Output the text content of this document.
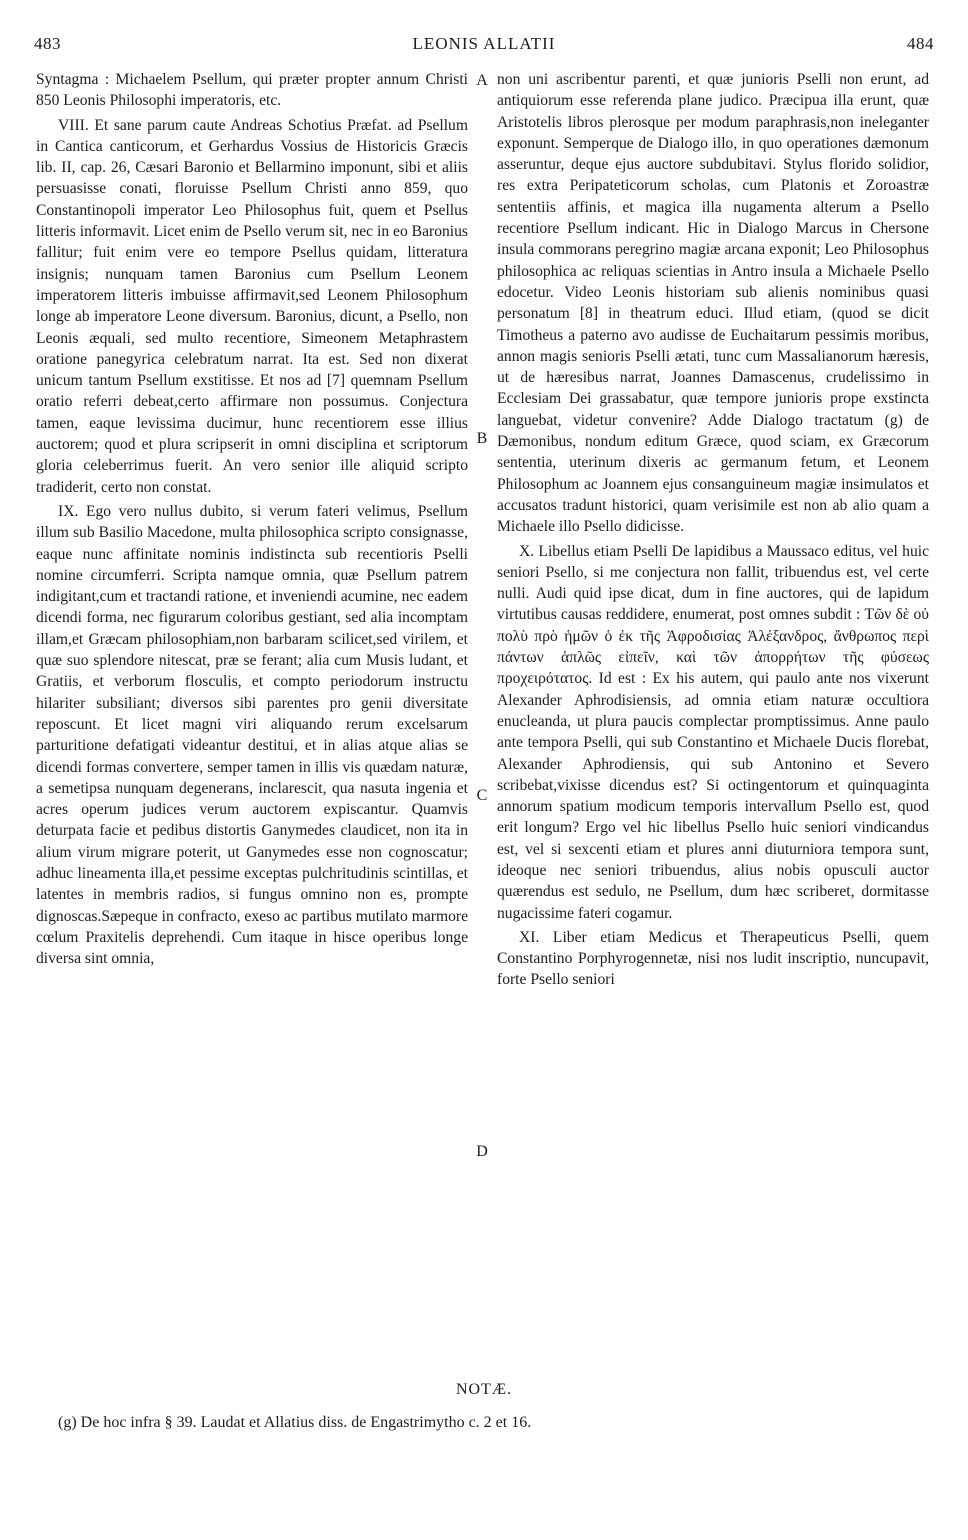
483	LEONIS ALLATII	484

Syntagma : Michaelem Psellum, qui præter propter annum Christi 850 Leonis Philosophi imperatoris, etc.

VIII. Et sane parum caute Andreas Schotius Præfat. ad Psellum in Cantica canticorum, et Gerhardus Vossius de Historicis Græcis lib. II, cap. 26, Cæsari Baronio et Bellarmino imponunt, sibi et aliis persuasisse conati, floruisse Psellum Christi anno 859, quo Constantinopoli imperator Leo Philosophus fuit, quem et Psellus litteris informavit. Licet enim de Psello verum sit, nec in eo Baronius fallitur; fuit enim vere eo tempore Psellus quidam, litteratura insignis; nunquam tamen Baronius cum Psellum Leonem imperatorem litteris imbuisse affirmavit,sed Leonem Philosophum longe ab imperatore Leone diversum. Baronius, dicunt, a Psello, non Leonis æquali, sed multo recentiore, Simeonem Metaphrastem oratione panegyrica celebratum narrat. Ita est. Sed non dixerat unicum tantum Psellum exstitisse. Et nos ad [7] quemnam Psellum oratio referri debeat,certo affirmare non possumus. Conjectura tamen, eaque levissima ducimur, hunc recentiorem esse illius auctorem; quod et plura scripserit in omni disciplina et scriptorum gloria celeberrimus fuerit. An vero senior ille aliquid scripto tradiderit, certo non constat.

IX. Ego vero nullus dubito, si verum fateri velimus, Psellum illum sub Basilio Macedone, multa philosophica scripto consignasse, eaque nunc affinitate nominis indistincta sub recentioris Pselli nomine circumferri. Scripta namque omnia, quæ Psellum patrem indigitant,cum et tractandi ratione, et inveniendi acumine, nec eadem dicendi forma, nec figurarum coloribus gestiant, sed alia incomptam illam,et Græcam philosophiam,non barbaram scilicet,sed virilem, et quæ suo splendore nitescat, præ se ferant; alia cum Musis ludant, et Gratiis, et verborum flosculis, et compto periodorum instructu hilariter subsiliant; diversos sibi parentes pro genii diversitate reposcunt. Et licet magni viri aliquando rerum excelsarum parturitione defatigati videantur destitui, et in alias atque alias se dicendi formas convertere, semper tamen in illis vis quædam naturæ, a semetipsa nunquam degenerans, inclarescit, qua nasuta ingenia et acres operum judices verum auctorem expiscantur. Quamvis deturpata facie et pedibus distortis Ganymedes claudicet, non ita in alium virum migrare poterit, ut Ganymedes esse non cognoscatur; adhuc lineamenta illa,et pessime exceptas pulchritudinis scintillas, et latentes in membris radios, si fungus omnino non es, prompte dignoscas.Sæpeque in confracto, exeso ac partibus mutilato marmore cœlum Praxitelis deprehendi. Cum itaque in hisce operibus longe diversa sint omnia,

A
B
C
D

non uni ascribentur parenti, et quæ junioris Pselli non erunt, ad antiquiorum esse referenda plane judico. Præcipua illa erunt, quæ Aristotelis libros plerosque per modum paraphrasis,non ineleganter exponunt. Semperque de Dialogo illo, in quo operationes dæmonum asseruntur, deque ejus auctore subdubitavi. Stylus florido solidior, res extra Peripateticorum scholas, cum Platonis et Zoroastræ sententiis affinis, et magica illa nugamenta alterum a Psello recentiore Psellum indicant. Hic in Dialogo Marcus in Chersone insula commorans peregrino magiæ arcana exponit; Leo Philosophus philosophica ac reliquas scientias in Antro insula a Michaele Psello edocetur. Video Leonis historiam sub alienis nominibus quasi personatum [8] in theatrum educi. Illud etiam, (quod se dicit Timotheus a paterno avo audisse de Euchaitarum pessimis moribus, annon magis senioris Pselli ætati, tunc cum Massalianorum hæresis, ut de hæresibus narrat, Joannes Damascenus, crudelissimo in Ecclesiam Dei grassabatur, quæ tempore junioris prope exstincta languebat, videtur convenire? Adde Dialogo tractatum (g) de Dæmonibus, nondum editum Græce, quod sciam, ex Græcorum sententia, uterinum dixeris ac germanum fetum, et Leonem Philosophum ac Joannem ejus consanguineum magiæ insimulatos et accusatos tradunt historici, quam verisimile est non ab alio quam a Michaele illo Psello didicisse.

X. Libellus etiam Pselli De lapidibus a Maussaco editus, vel huic seniori Psello, si me conjectura non fallit, tribuendus est, vel certe nulli. Audi quid ipse dicat, dum in fine auctores, qui de lapidum virtutibus causas reddidere, enumerat, post omnes subdit : Τῶν δὲ οὐ πολὺ πρὸ ἡμῶν ὁ ἐκ τῆς Ἀφροδισίας Ἀλέξανδρος, ἄνθρωπος περὶ πάντων ἁπλῶς εἰπεῖν, καὶ τῶν ἀπορρήτων τῆς φύσεως προχειρότατος. Id est : Ex his autem, qui paulo ante nos vixerunt Alexander Aphrodisiensis, ad omnia etiam naturæ occultiora enucleanda, ut plura paucis complectar promptissimus. Anne paulo ante tempora Pselli, qui sub Constantino et Michaele Ducis florebat, Alexander Aphrodiensis, qui sub Antonino et Severo scribebat,vixisse dicendus est? Si octingentorum et quinquaginta annorum spatium modicum temporis intervallum Psello est, quod erit longum? Ergo vel hic libellus Psello huic seniori vindicandus est, vel si sexcenti etiam et plures anni diuturniora tempora sunt, ideoque nec seniori tribuendus, alius nobis opusculi auctor quærendus est sedulo, ne Psellum, dum hæc scriberet, dormitasse nugacissime fateri cogamur.

XI. Liber etiam Medicus et Therapeuticus Pselli, quem Constantino Porphyrogennetæ, nisi nos ludit inscriptio, nuncupavit, forte Psello seniori

NOTÆ.
(g) De hoc infra § 39. Laudat et Allatius diss. de Engastrimytho c. 2 et 16.
